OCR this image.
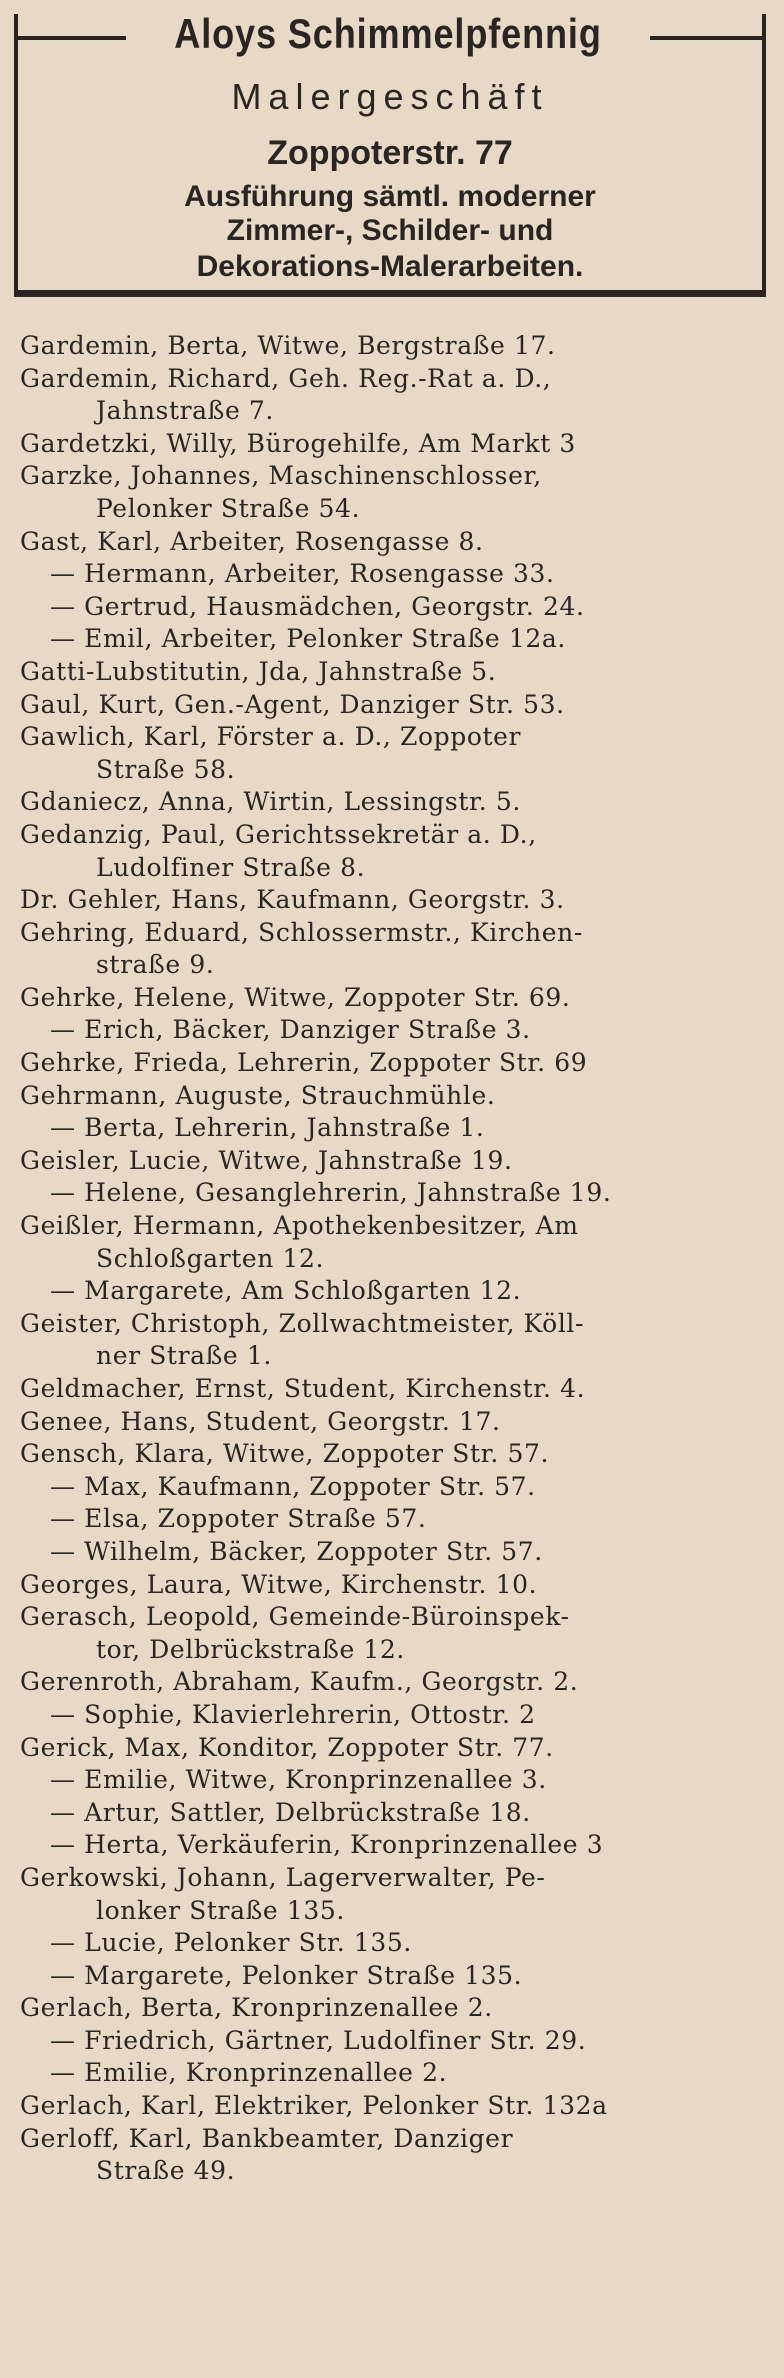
Aloys Schimmelpfennig
Malergeschäft
Zoppoterstr. 77
Ausführung sämtl. moderner
Zimmer-, Schilder- und
Dekorations-Malerarbeiten.
Gardemin, Berta, Witwe, Bergstraße 17.
Gardemin, Richard, Geh. Reg.-Rat a. D.,
Jahnstraße 7.
Gardetzki, Willy, Bürogehilfe, Am Markt 3
Garzke, Johannes, Maschinenschlosser,
Pelonker Straße 54.
Gast, Karl, Arbeiter, Rosengasse 8.
— Hermann, Arbeiter, Rosengasse 33.
— Gertrud, Hausmädchen, Georgstr. 24.
— Emil, Arbeiter, Pelonker Straße 12a.
Gatti-Lubstitutin, Jda, Jahnstraße 5.
Gaul, Kurt, Gen.-Agent, Danziger Str. 53.
Gawlich, Karl, Förster a. D., Zoppoter
Straße 58.
Gdaniecz, Anna, Wirtin, Lessingstr. 5.
Gedanzig, Paul, Gerichtssekretär a. D.,
Ludolfiner Straße 8.
Dr. Gehler, Hans, Kaufmann, Georgstr. 3.
Gehring, Eduard, Schlossermstr., Kirchen-
straße 9.
Gehrke, Helene, Witwe, Zoppoter Str. 69.
— Erich, Bäcker, Danziger Straße 3.
Gehrke, Frieda, Lehrerin, Zoppoter Str. 69
Gehrmann, Auguste, Strauchmühle.
— Berta, Lehrerin, Jahnstraße 1.
Geisler, Lucie, Witwe, Jahnstraße 19.
— Helene, Gesanglehrerin, Jahnstraße 19.
Geißler, Hermann, Apothekenbesitzer, Am
Schloßgarten 12.
— Margarete, Am Schloßgarten 12.
Geister, Christoph, Zollwachtmeister, Köll-
ner Straße 1.
Geldmacher, Ernst, Student, Kirchenstr. 4.
Genee, Hans, Student, Georgstr. 17.
Gensch, Klara, Witwe, Zoppoter Str. 57.
— Max, Kaufmann, Zoppoter Str. 57.
— Elsa, Zoppoter Straße 57.
— Wilhelm, Bäcker, Zoppoter Str. 57.
Georges, Laura, Witwe, Kirchenstr. 10.
Gerasch, Leopold, Gemeinde-Büroinspek-
tor, Delbrückstraße 12.
Gerenroth, Abraham, Kaufm., Georgstr. 2.
— Sophie, Klavierlehrerin, Ottostr. 2
Gerick, Max, Konditor, Zoppoter Str. 77.
— Emilie, Witwe, Kronprinzenallee 3.
— Artur, Sattler, Delbrückstraße 18.
— Herta, Verkäuferin, Kronprinzenallee 3
Gerkowski, Johann, Lagerverwalter, Pe-
lonker Straße 135.
— Lucie, Pelonker Str. 135.
— Margarete, Pelonker Straße 135.
Gerlach, Berta, Kronprinzenallee 2.
— Friedrich, Gärtner, Ludolfiner Str. 29.
— Emilie, Kronprinzenallee 2.
Gerlach, Karl, Elektriker, Pelonker Str. 132a
Gerloff, Karl, Bankbeamter, Danziger
Straße 49.
